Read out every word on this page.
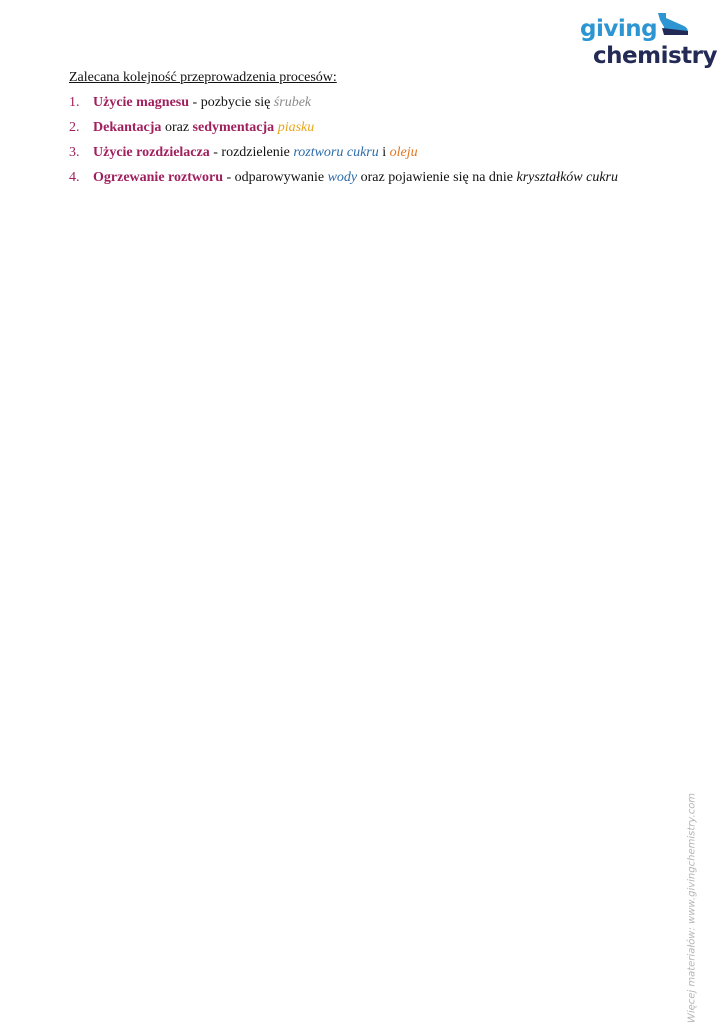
giving
chemistry

Zalecana kolejność przeprowadzenia procesów:

1. Użycie magnesu - pozbycie się śrubek
2. Dekantacja oraz sedymentacja piasku
3. Użycie rozdzielacza - rozdzielenie roztworu cukru i oleju
4. Ogrzewanie roztworu - odparowywanie wody oraz pojawienie się na dnie kryształków cukru
Więcej materiałów: www.givingchemistry.com
